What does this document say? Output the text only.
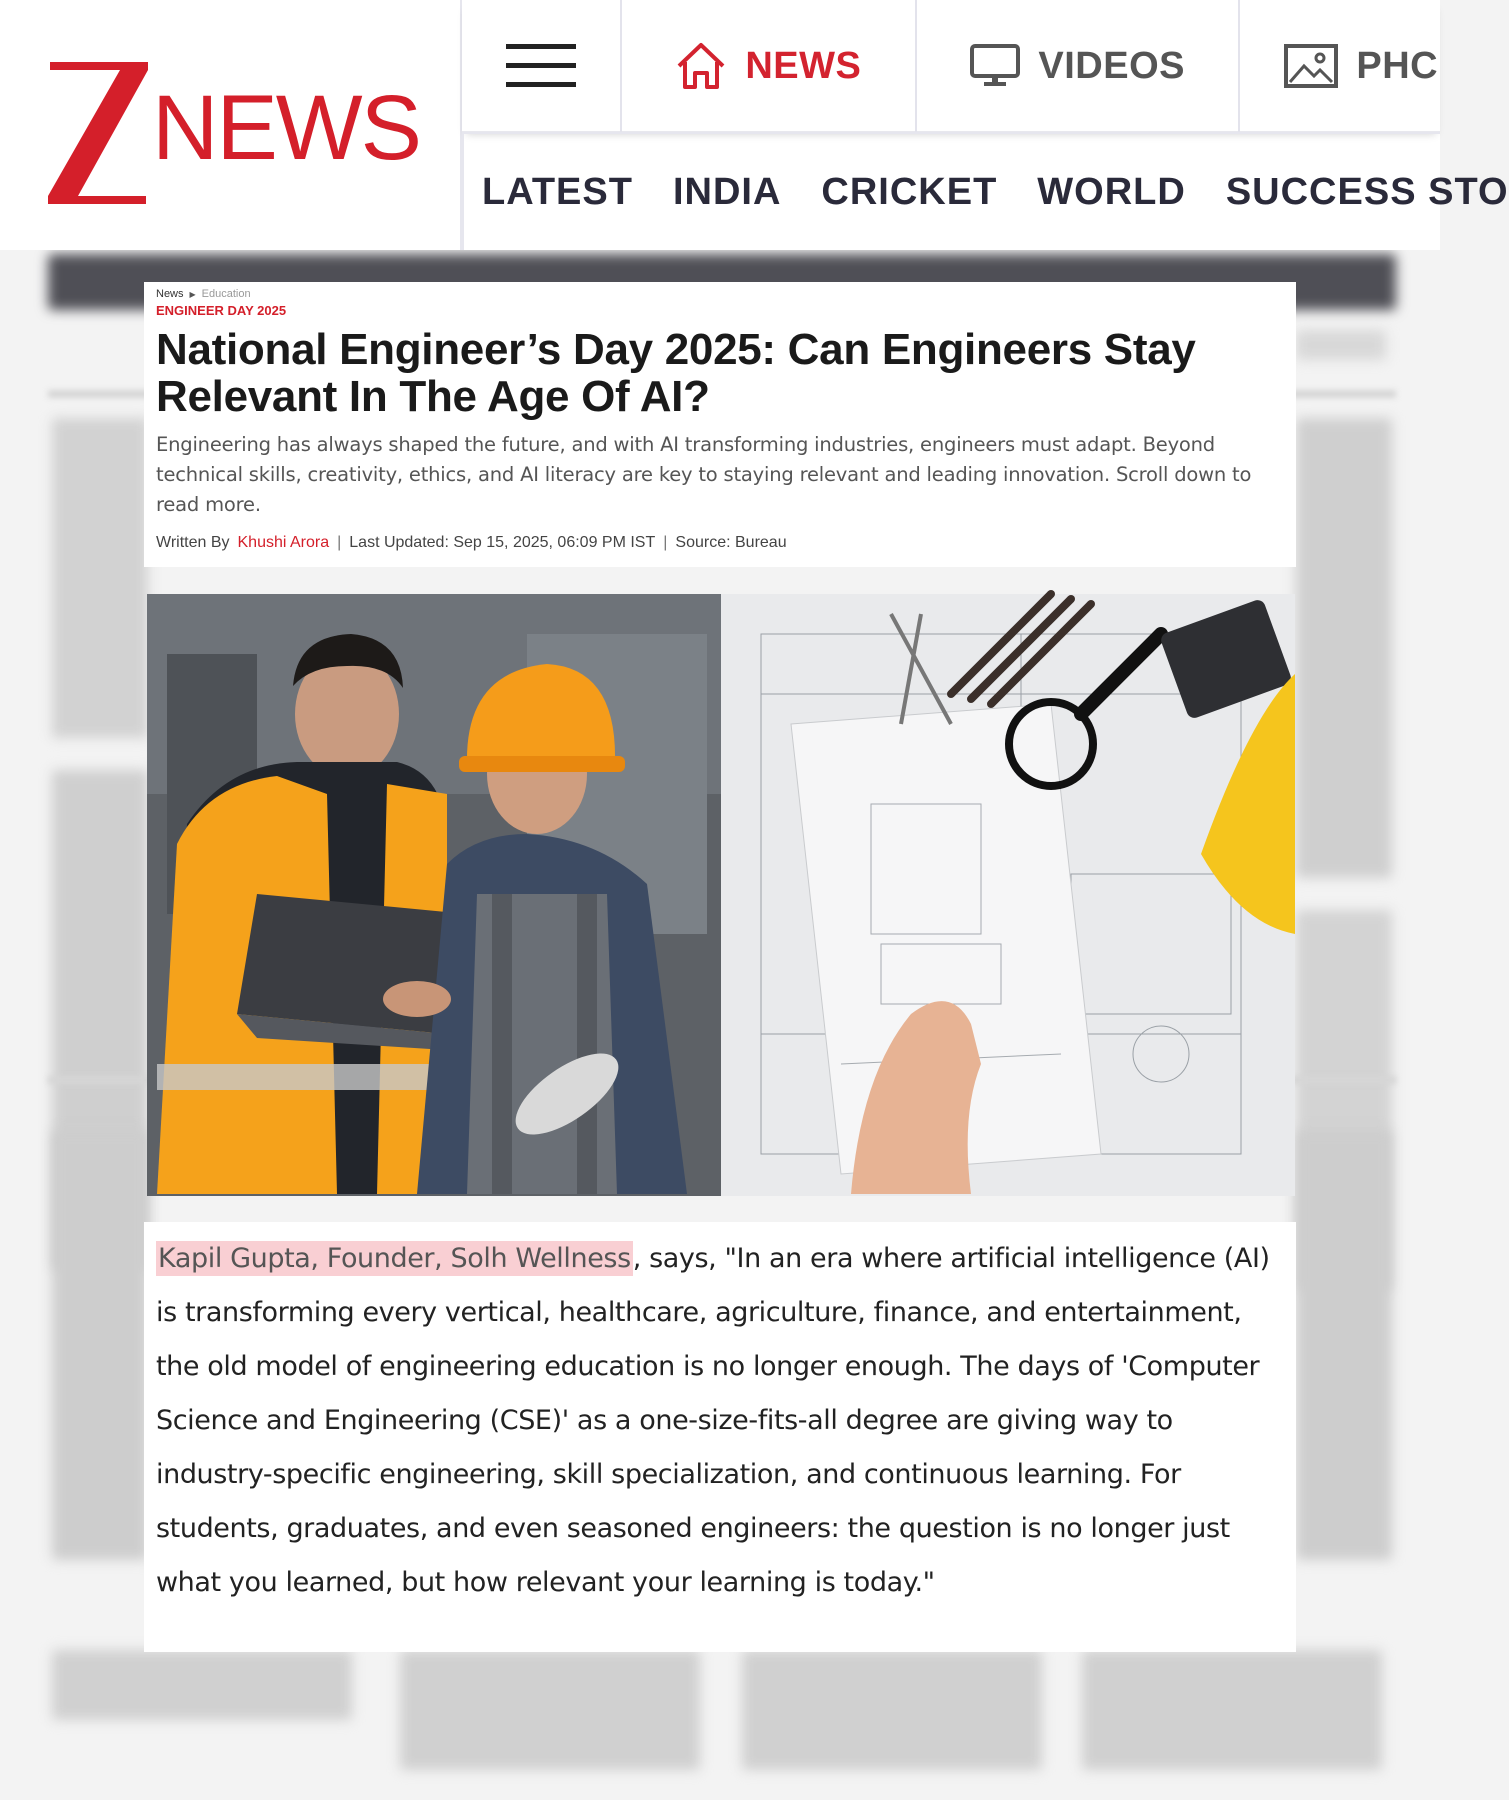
NEWS
NEWS	VIDEOS	PHC
LATEST INDIA CRICKET WORLD SUCCESS STO
News ▶ Education
ENGINEER DAY 2025
National Engineer’s Day 2025: Can Engineers Stay Relevant In The Age Of AI?

Engineering has always shaped the future, and with AI transforming industries, engineers must adapt. Beyond technical skills, creativity, ethics, and AI literacy are key to staying relevant and leading innovation. Scroll down to read more.

Written By Khushi Arora | Last Updated: Sep 15, 2025, 06:09 PM IST | Source: Bureau

Kapil Gupta, Founder, Solh Wellness, says, "In an era where artificial intelligence (AI) is transforming every vertical, healthcare, agriculture, finance, and entertainment, the old model of engineering education is no longer enough. The days of 'Computer Science and Engineering (CSE)' as a one-size-fits-all degree are giving way to industry-specific engineering, skill specialization, and continuous learning. For students, graduates, and even seasoned engineers: the question is no longer just what you learned, but how relevant your learning is today."
